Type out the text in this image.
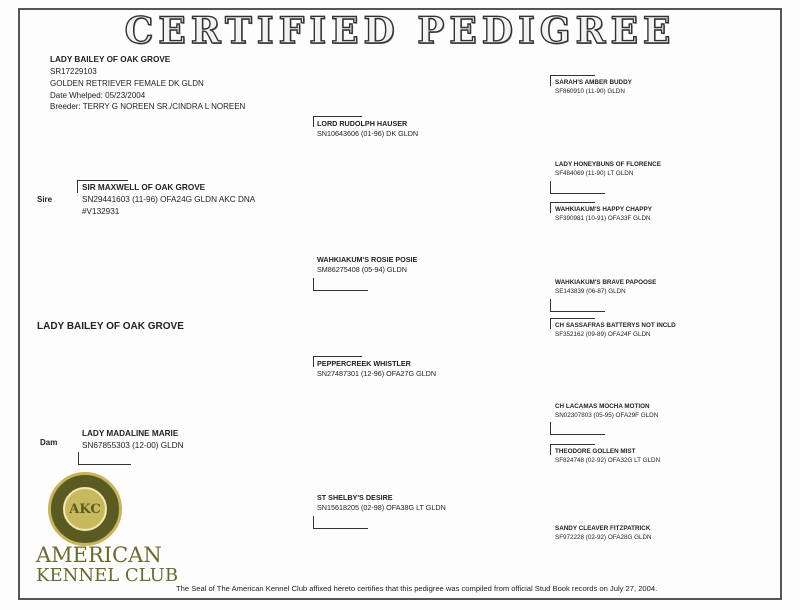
CERTIFIED PEDIGREE
LADY BAILEY OF OAK GROVE
SR17229103
GOLDEN RETRIEVER FEMALE DK GLDN
Date Whelped: 05/23/2004
Breeder: TERRY G NOREEN SR./CINDRA L NOREEN
LADY BAILEY OF OAK GROVE
Sire
SIR MAXWELL OF OAK GROVE
SN29441603 (11-96) OFA24G GLDN AKC DNA
#V132931
Dam
LADY MADALINE MARIE
SN67855303 (12-00) GLDN
LORD RUDOLPH HAUSER
SN10643606 (01-96) DK GLDN
WAHKIAKUM'S ROSIE POSIE
SM86275408 (05-94) GLDN
PEPPERCREEK WHISTLER
SN27487301 (12-96) OFA27G GLDN
ST SHELBY'S DESIRE
SN15618205 (02-98) OFA38G LT GLDN
SARAH'S AMBER BUDDY
SF860910 (11-90) GLDN
LADY HONEYBUNS OF FLORENCE
SF484069 (11-90) LT GLDN
WAHKIAKUM'S HAPPY CHAPPY
SF390981 (10-91) OFA33F GLDN
WAHKIAKUM'S BRAVE PAPOOSE
SE143839 (06-87) GLDN
CH SASSAFRAS BATTERYS NOT INCLD
SF352162 (09-89) OFA24F GLDN
CH LACAMAS MOCHA MOTION
SN02307803 (05-95) OFA29F GLDN
THEODORE GOLLEN MIST
SF824748 (02-92) OFA32G LT GLDN
SANDY CLEAVER FITZPATRICK
SF972228 (02-92) OFA28G GLDN
AKC
AMERICAN
KENNEL CLUB
The Seal of The American Kennel Club affixed hereto certifies that this pedigree was compiled from official Stud Book records on July 27, 2004.
